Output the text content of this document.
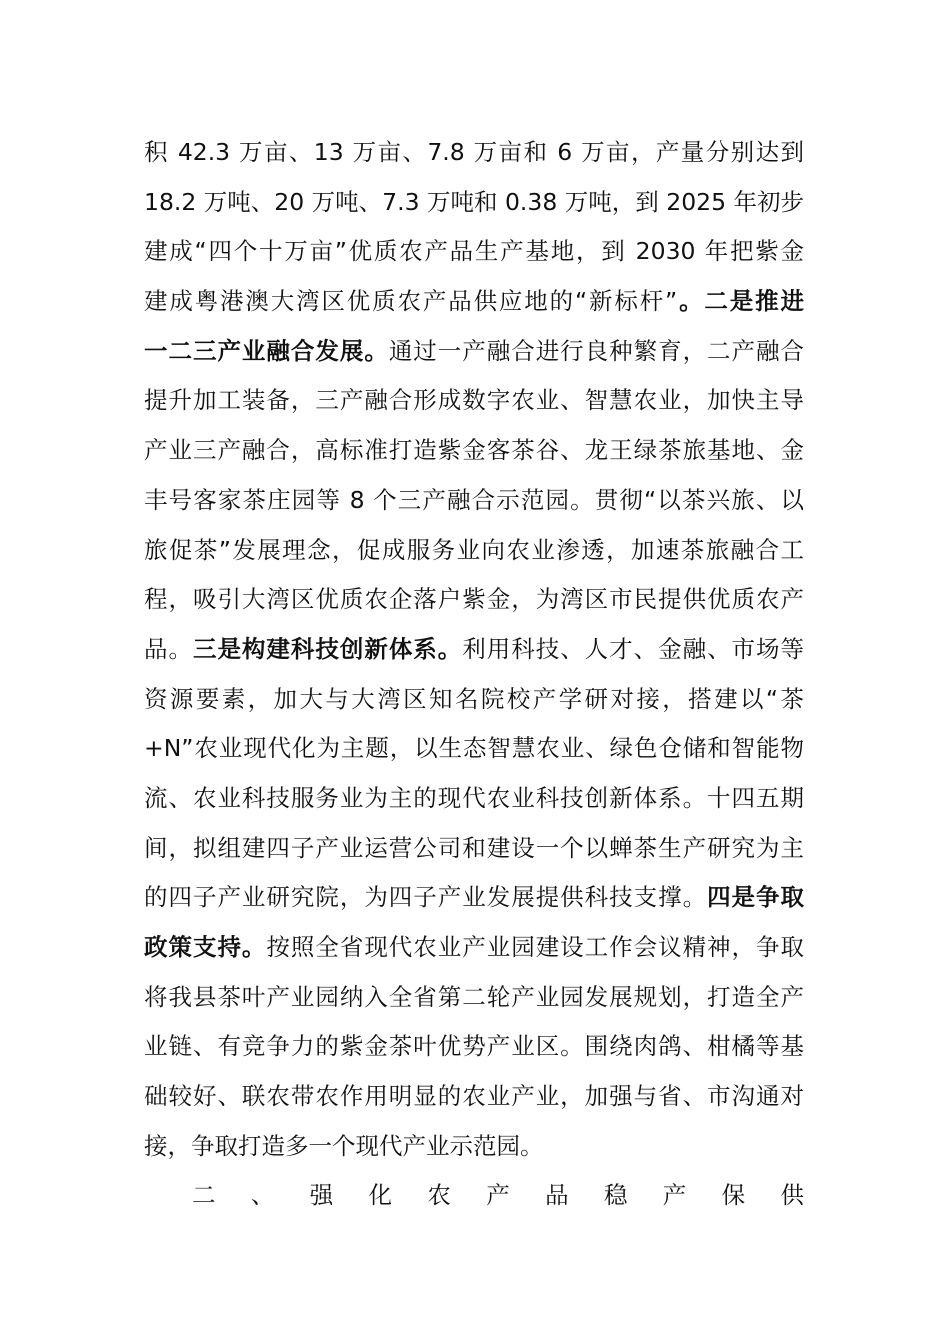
积 42.3 万亩、13 万亩、7.8 万亩和 6 万亩，产量分别达到
18.2 万吨、20 万吨、7.3 万吨和 0.38 万吨，到 2025 年初步
建成“四个十万亩”优质农产品生产基地，到 2030 年把紫金
建成粤港澳大湾区优质农产品供应地的“新标杆”。二是推进
一二三产业融合发展。通过一产融合进行良种繁育，二产融合
提升加工装备，三产融合形成数字农业、智慧农业，加快主导
产业三产融合，高标准打造紫金客茶谷、龙王绿茶旅基地、金
丰号客家茶庄园等 8 个三产融合示范园。贯彻“以茶兴旅、以
旅促茶”发展理念，促成服务业向农业渗透，加速茶旅融合工
程，吸引大湾区优质农企落户紫金，为湾区市民提供优质农产
品。三是构建科技创新体系。利用科技、人才、金融、市场等
资源要素，加大与大湾区知名院校产学研对接，搭建以“茶
+N”农业现代化为主题，以生态智慧农业、绿色仓储和智能物
流、农业科技服务业为主的现代农业科技创新体系。十四五期
间，拟组建四子产业运营公司和建设一个以蝉茶生产研究为主
的四子产业研究院，为四子产业发展提供科技支撑。四是争取
政策支持。按照全省现代农业产业园建设工作会议精神，争取
将我县茶叶产业园纳入全省第二轮产业园发展规划，打造全产
业链、有竞争力的紫金茶叶优势产业区。围绕肉鸽、柑橘等基
础较好、联农带农作用明显的农业产业，加强与省、市沟通对
接，争取打造多一个现代产业示范园。
二、强化农产品稳产保供
